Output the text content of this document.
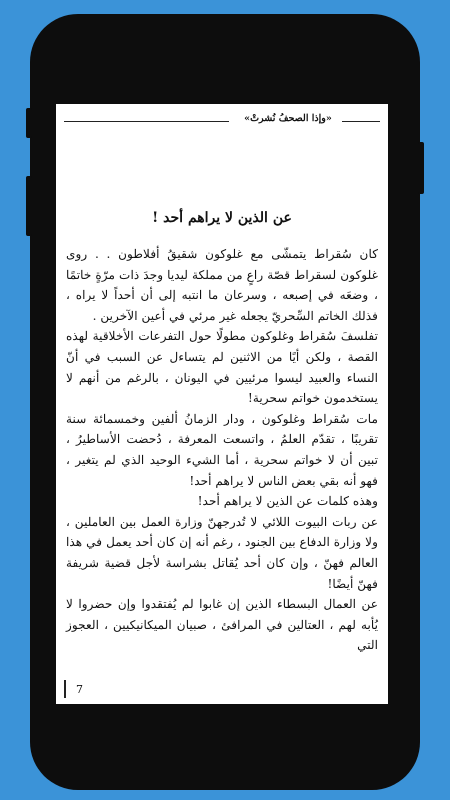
«وإذا الصحفُ نُشرتْ»
عن الذين لا يراهم أحد !

كان سُقراط يتمشّى مع غلوكون شقيقُ أفلاطون . . روى غلوكون لسقراط قصّة راعٍ من مملكة ليديا وجدَ ذات مرّةٍ خاتمًا ، وضعَه في إصبعه ، وسرعان ما انتبه إلى أن أحداً لا يراه ، فذلك الخاتم السِّحريّ يجعله غير مرئي في أعين الآخرين .

تفلسفَ سُقراط وغلوكون مطولًا حول التفرعات الأخلاقية لهذه القصة ، ولكن أيًا من الاثنين لم يتساءل عن السبب في أنّ النساء والعبيد ليسوا مرئيين في اليونان ، بالرغم من أنهم لا يستخدمون خواتم سحرية!

مات سُقراط وغلوكون ، ودار الزمانُ ألفين وخمسمائة سنة تقريبًا ، تقدّم العلمُ ، واتسعت المعرفة ، دُحضت الأساطيرُ ، تبين أن لا خواتم سحرية ، أما الشيء الوحيد الذي لم يتغير ، فهو أنه بقي بعض الناس لا يراهم أحد!

وهذه كلمات عن الذين لا يراهم أحد!

عن ربات البيوت اللائي لا تُدرجهنّ وزارة العمل بين العاملين ، ولا وزارة الدفاع بين الجنود ، رغم أنه إن كان أحد يعمل في هذا العالم فهنّ ، وإن كان أحد يُقاتل بشراسة لأجل قضية شريفة فهنّ أيضًا!

عن العمال البسطاء الذين إن غابوا لم يُفتقدوا وإن حضروا لا يُأبه لهم ، العتالين في المرافئ ، صبيان الميكانيكيين ، العجوز التي

7
